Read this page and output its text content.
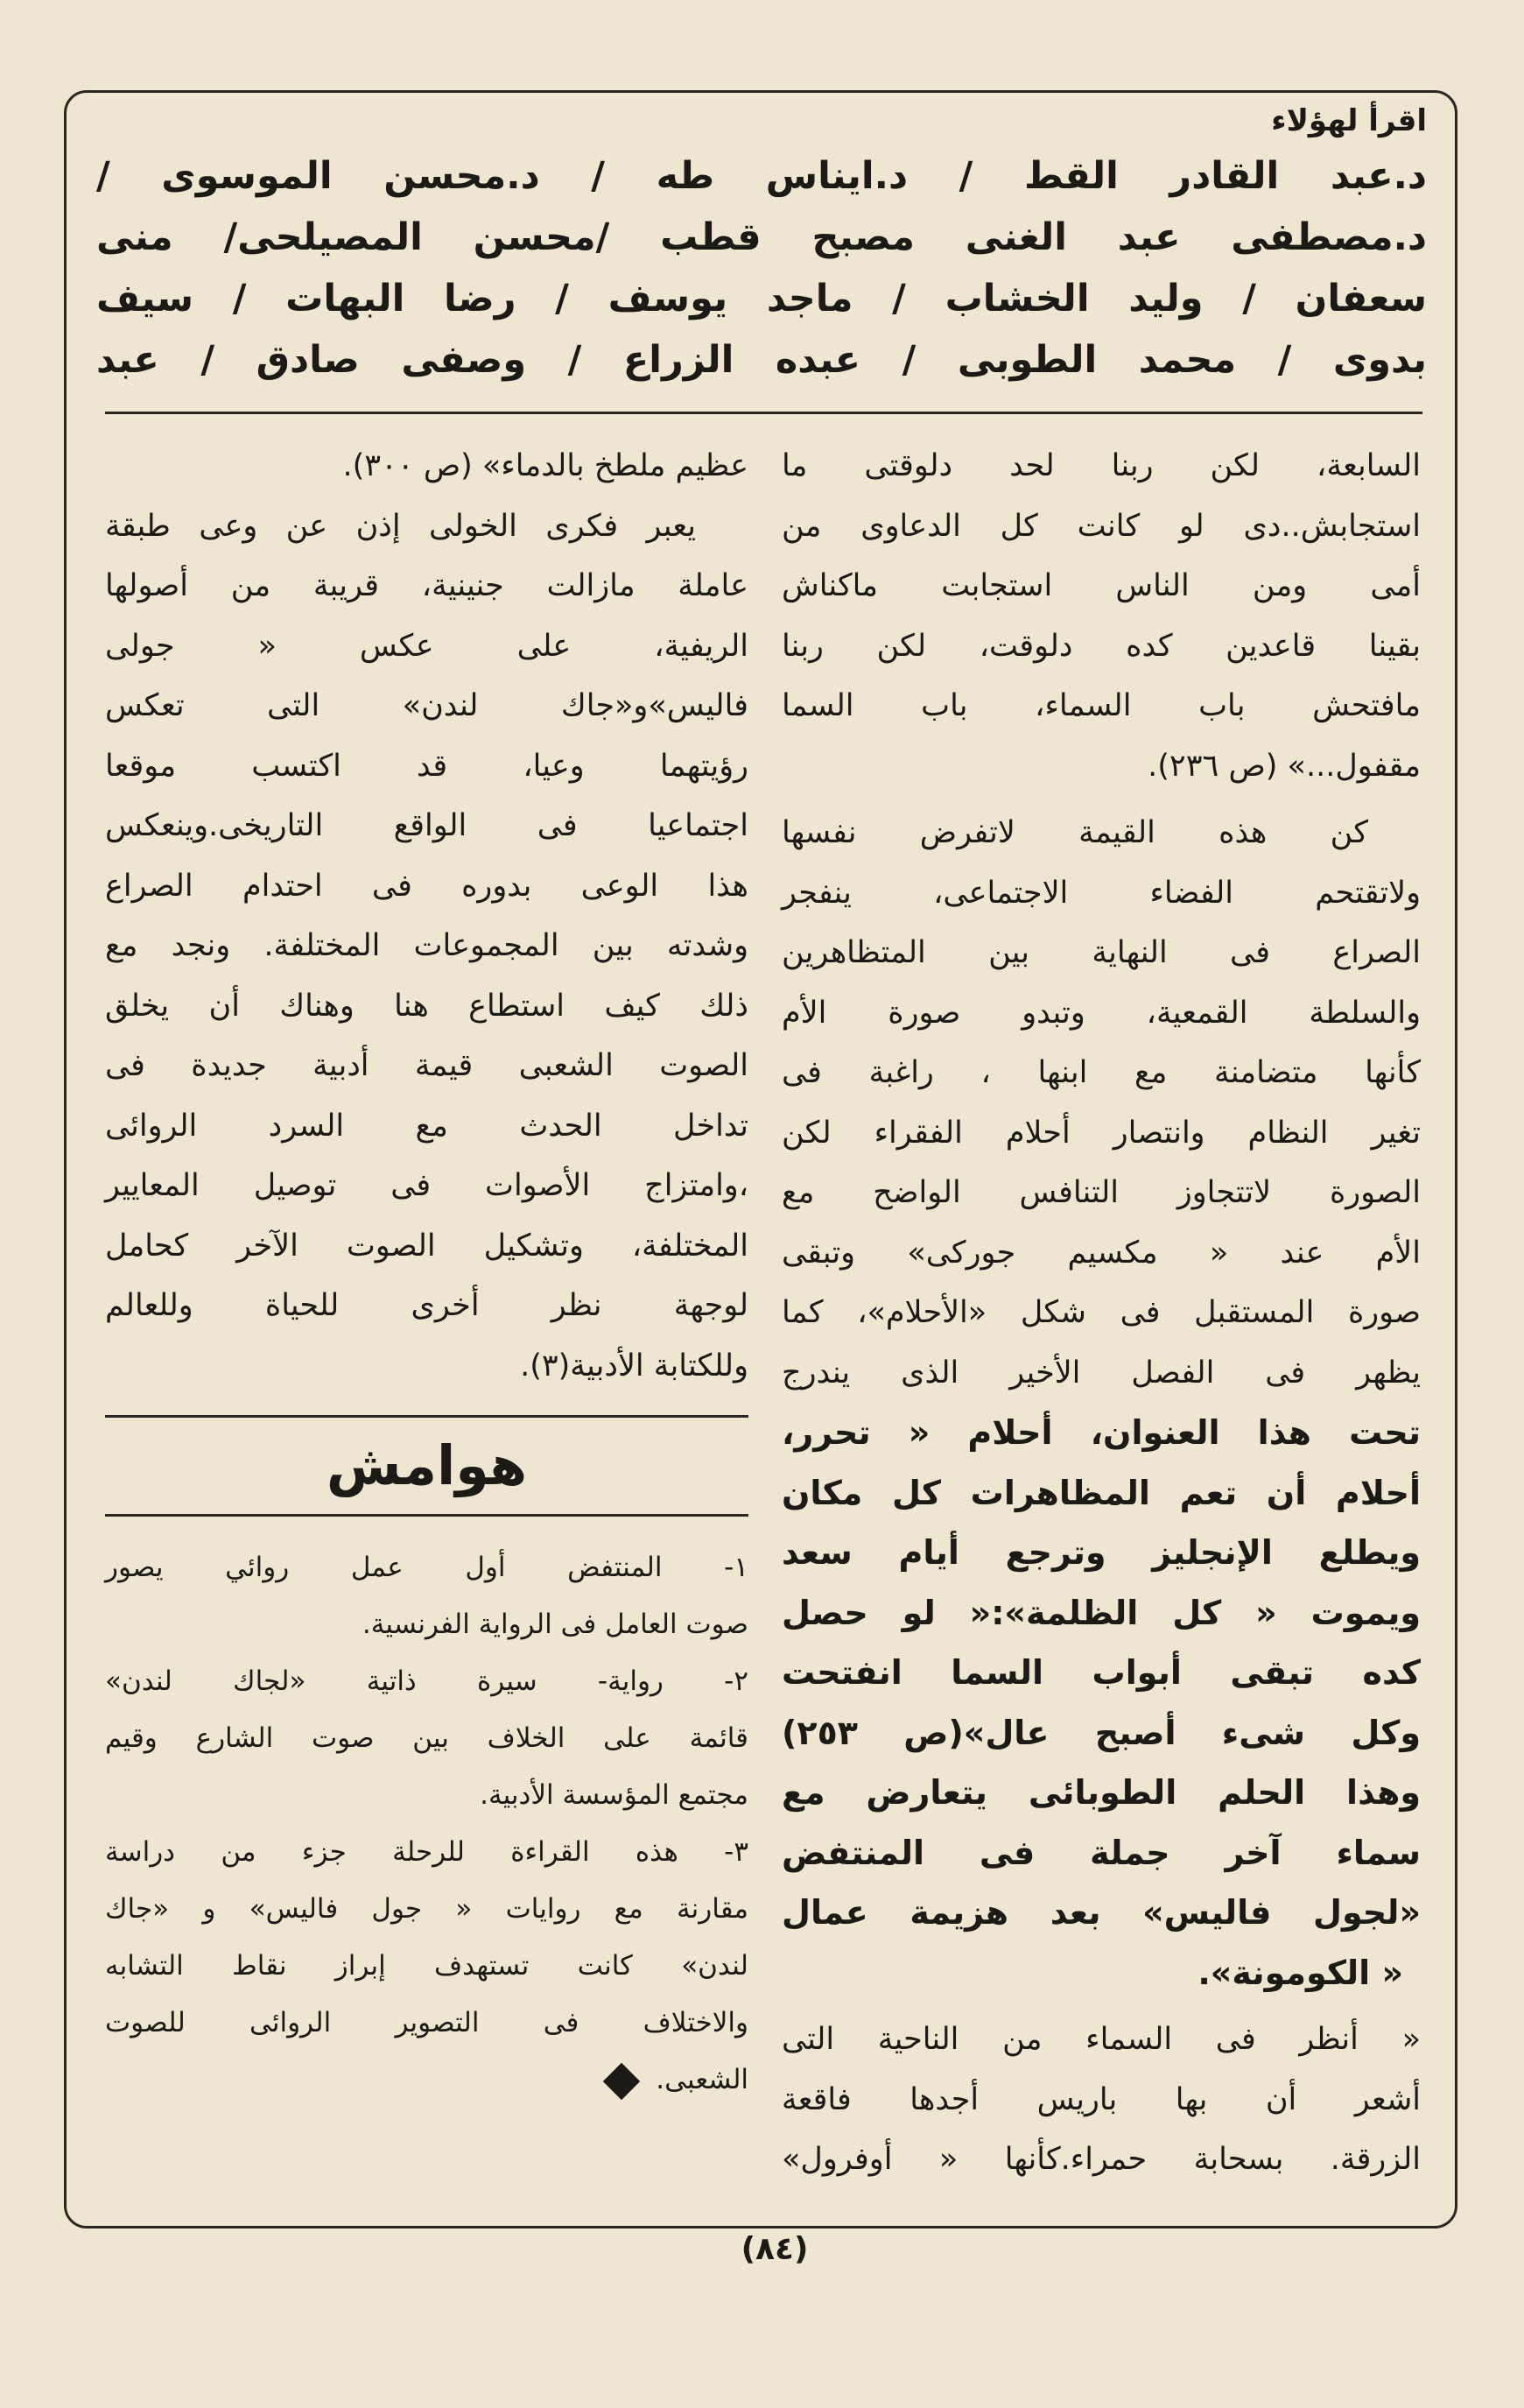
اقرأ لهؤلاء
د.عبد القادر القط / د.ايناس طه / د.محسن الموسوى /
د.مصطفى عبد الغنى مصبح قطب /محسن المصيلحى/ منى
سعفان / وليد الخشاب / ماجد يوسف / رضا البهات / سيف
بدوى / محمد الطوبى / عبده الزراع / وصفى صادق / عبد
السابعة، لكن ربنا لحد دلوقتى ما
استجابش..دى لو كانت كل الدعاوى من
أمى ومن الناس استجابت ماكناش
بقينا قاعدين كده دلوقت، لكن ربنا
مافتحش باب السماء، باب السما
مقفول...» (ص ٢٣٦).
كن هذه القيمة لاتفرض نفسها
ولاتقتحم الفضاء الاجتماعى، ينفجر
الصراع فى النهاية بين المتظاهرين
والسلطة القمعية، وتبدو صورة الأم
كأنها متضامنة مع ابنها ، راغبة فى
تغير النظام وانتصار أحلام الفقراء لكن
الصورة لاتتجاوز التنافس الواضح مع
الأم عند « مكسيم جوركى» وتبقى
صورة المستقبل فى شكل «الأحلام»، كما
يظهر فى الفصل الأخير الذى يندرج
تحت هذا العنوان، أحلام « تحرر،
أحلام أن تعم المظاهرات كل مكان
ويطلع الإنجليز وترجع أيام سعد
ويموت « كل الظلمة»:« لو حصل
كده تبقى أبواب السما انفتحت
وكل شىء أصبح عال»(ص ٢٥٣)
وهذا الحلم الطوبائى يتعارض مع
سماء آخر جملة فى المنتفض
«لجول فاليس» بعد هزيمة عمال
« الكومونة».
« أنظر فى السماء من الناحية التى
أشعر أن بها باريس أجدها فاقعة
الزرقة. بسحابة حمراء.كأنها « أوفرول»
عظيم ملطخ بالدماء» (ص ٣٠٠).
يعبر فكرى الخولى إذن عن وعى طبقة
عاملة مازالت جنينية، قريبة من أصولها
الريفية، على عكس « جولى
فاليس»و«جاك لندن» التى تعكس
رؤيتهما وعيا، قد اكتسب موقعا
اجتماعيا فى الواقع التاريخى.وينعكس
هذا الوعى بدوره فى احتدام الصراع
وشدته بين المجموعات المختلفة. ونجد مع
ذلك كيف استطاع هنا وهناك أن يخلق
الصوت الشعبى قيمة أدبية جديدة فى
تداخل الحدث مع السرد الروائى
،وامتزاج الأصوات فى توصيل المعايير
المختلفة، وتشكيل الصوت الآخر كحامل
لوجهة نظر أخرى للحياة وللعالم
وللكتابة الأدبية(٣).
هوامش
١- المنتفض أول عمل روائي يصور
صوت العامل فى الرواية الفرنسية.
٢- رواية- سيرة ذاتية «لجاك لندن»
قائمة على الخلاف بين صوت الشارع وقيم
مجتمع المؤسسة الأدبية.
٣- هذه القراءة للرحلة جزء من دراسة
مقارنة مع روايات « جول فاليس» و «جاك
لندن» كانت تستهدف إبراز نقاط التشابه
والاختلاف فى التصوير الروائى للصوت
الشعبى.
(٨٤)
